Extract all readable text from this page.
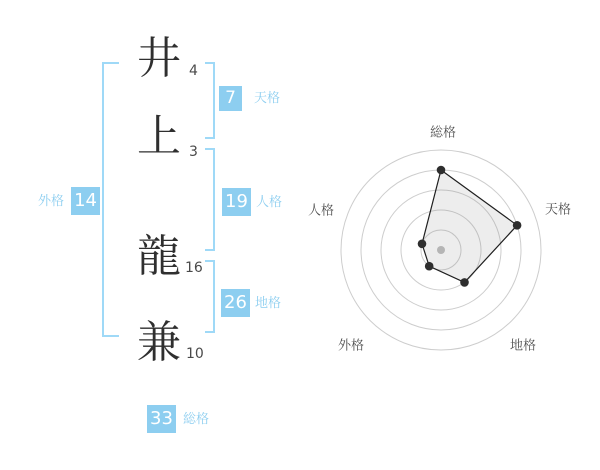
井 4
上 3
龍 16
兼 10
外格 14
7	天格
19 人格
26 地格
33 総格
総格
天格
地格
外格
人格
